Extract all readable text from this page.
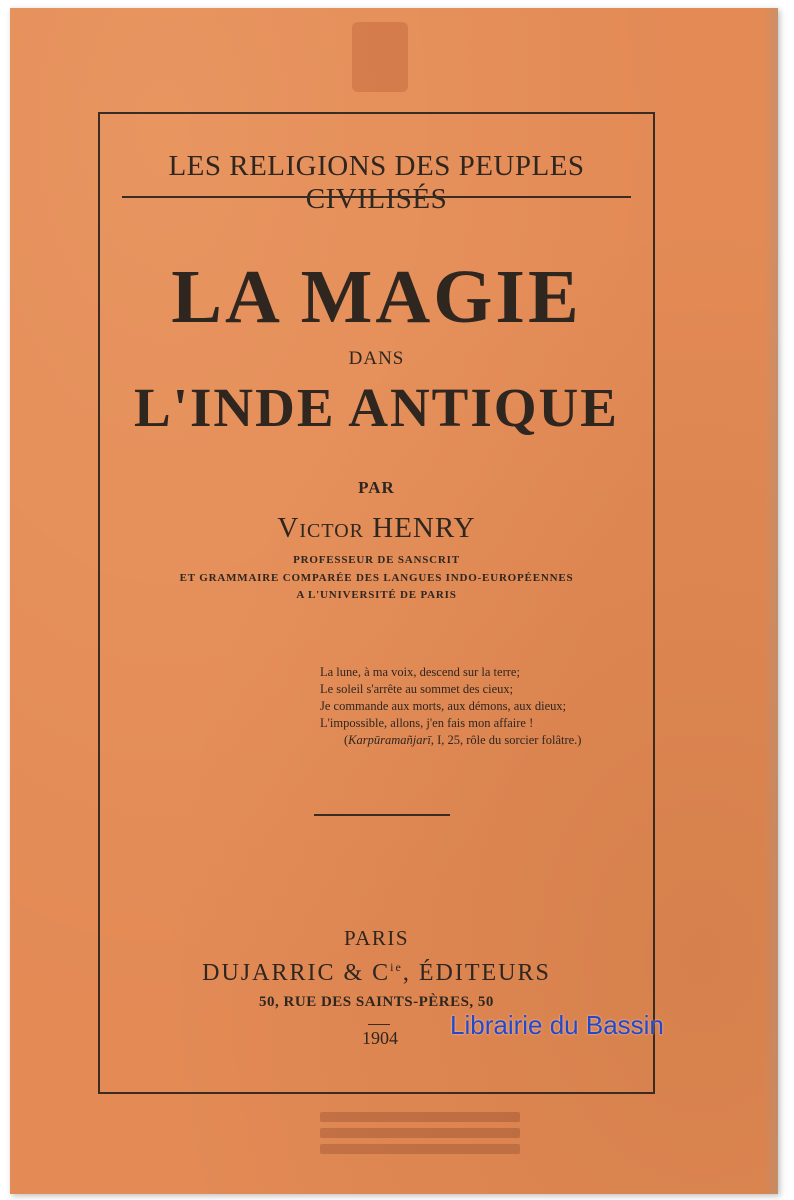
LES RELIGIONS DES PEUPLES CIVILISÉS
LA MAGIE
DANS
L'INDE ANTIQUE
PAR
Victor HENRY
PROFESSEUR DE SANSCRIT
ET GRAMMAIRE COMPARÉE DES LANGUES INDO-EUROPÉENNES
A L'UNIVERSITÉ DE PARIS
La lune, à ma voix, descend sur la terre;
Le soleil s'arrête au sommet des cieux;
Je commande aux morts, aux démons, aux dieux;
L'impossible, allons, j'en fais mon affaire !
(Karpūramañjarī, I, 25, rôle du sorcier folâtre.)
PARIS
DUJARRIC & $C^{ie}$, ÉDITEURS
50, RUE DES SAINTS-PÈRES, 50
1904	Librairie du Bassin
